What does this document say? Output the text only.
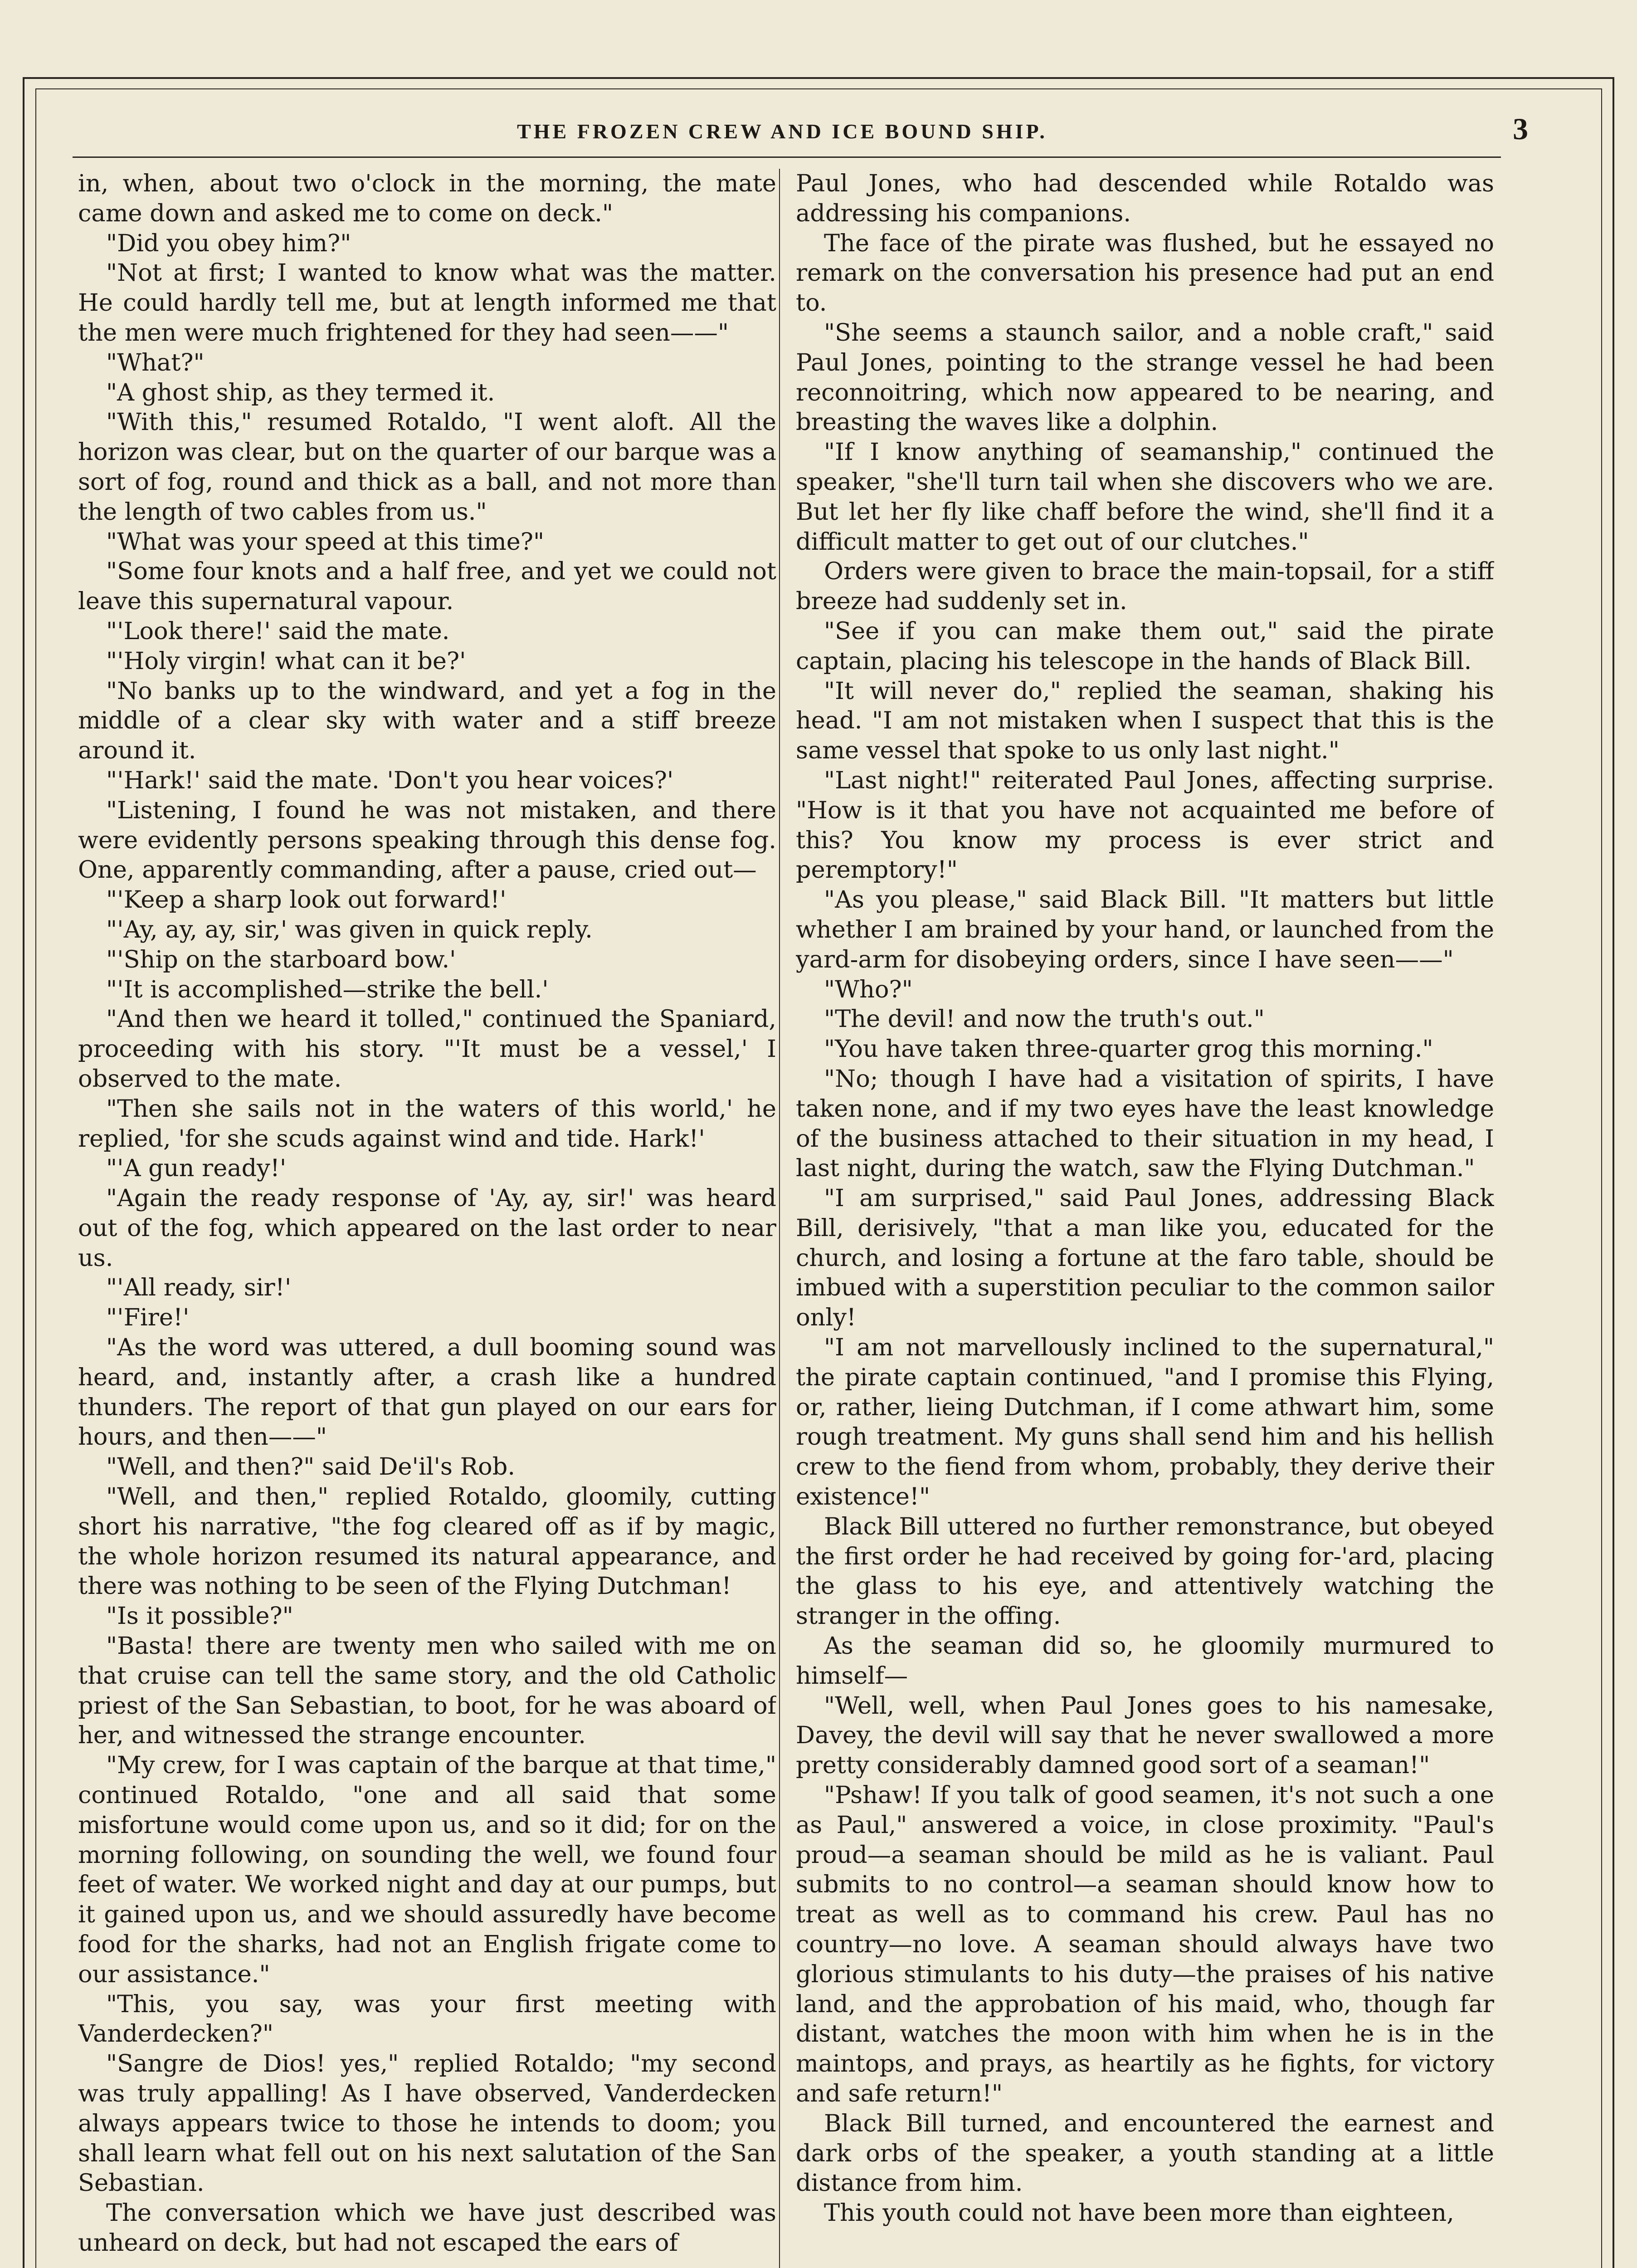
THE FROZEN CREW AND ICE BOUND SHIP.	3

in, when, about two o'clock in the morning, the mate came down and asked me to come on deck."

"Did you obey him?"

"Not at first; I wanted to know what was the matter. He could hardly tell me, but at length informed me that the men were much frightened for they had seen——"

"What?"

"A ghost ship, as they termed it.

"With this," resumed Rotaldo, "I went aloft. All the horizon was clear, but on the quarter of our barque was a sort of fog, round and thick as a ball, and not more than the length of two cables from us."

"What was your speed at this time?"

"Some four knots and a half free, and yet we could not leave this supernatural vapour.

"'Look there!' said the mate.

"'Holy virgin! what can it be?'

"No banks up to the windward, and yet a fog in the middle of a clear sky with water and a stiff breeze around it.

"'Hark!' said the mate. 'Don't you hear voices?'

"Listening, I found he was not mistaken, and there were evidently persons speaking through this dense fog. One, apparently commanding, after a pause, cried out—

"'Keep a sharp look out forward!'

"'Ay, ay, ay, sir,' was given in quick reply.

"'Ship on the starboard bow.'

"'It is accomplished—strike the bell.'

"And then we heard it tolled," continued the Spaniard, proceeding with his story. "'It must be a vessel,' I observed to the mate.

"Then she sails not in the waters of this world,' he replied, 'for she scuds against wind and tide. Hark!'

"'A gun ready!'

"Again the ready response of 'Ay, ay, sir!' was heard out of the fog, which appeared on the last order to near us.

"'All ready, sir!'

"'Fire!'

"As the word was uttered, a dull booming sound was heard, and, instantly after, a crash like a hundred thunders. The report of that gun played on our ears for hours, and then——"

"Well, and then?" said De'il's Rob.

"Well, and then," replied Rotaldo, gloomily, cutting short his narrative, "the fog cleared off as if by magic, the whole horizon resumed its natural appearance, and there was nothing to be seen of the Flying Dutchman!

"Is it possible?"

"Basta! there are twenty men who sailed with me on that cruise can tell the same story, and the old Catholic priest of the San Sebastian, to boot, for he was aboard of her, and witnessed the strange encounter.

"My crew, for I was captain of the barque at that time," continued Rotaldo, "one and all said that some misfortune would come upon us, and so it did; for on the morning following, on sounding the well, we found four feet of water. We worked night and day at our pumps, but it gained upon us, and we should assuredly have become food for the sharks, had not an English frigate come to our assistance."

"This, you say, was your first meeting with Vanderdecken?"

"Sangre de Dios! yes," replied Rotaldo; "my second was truly appalling! As I have observed, Vanderdecken always appears twice to those he intends to doom; you shall learn what fell out on his next salutation of the San Sebastian.

The conversation which we have just described was unheard on deck, but had not escaped the ears of

Paul Jones, who had descended while Rotaldo was addressing his companions.

The face of the pirate was flushed, but he essayed no remark on the conversation his presence had put an end to.

"She seems a staunch sailor, and a noble craft," said Paul Jones, pointing to the strange vessel he had been reconnoitring, which now appeared to be nearing, and breasting the waves like a dolphin.

"If I know anything of seamanship," continued the speaker, "she'll turn tail when she discovers who we are. But let her fly like chaff before the wind, she'll find it a difficult matter to get out of our clutches."

Orders were given to brace the main-topsail, for a stiff breeze had suddenly set in.

"See if you can make them out," said the pirate captain, placing his telescope in the hands of Black Bill.

"It will never do," replied the seaman, shaking his head. "I am not mistaken when I suspect that this is the same vessel that spoke to us only last night."

"Last night!" reiterated Paul Jones, affecting surprise. "How is it that you have not acquainted me before of this? You know my process is ever strict and peremptory!"

"As you please," said Black Bill. "It matters but little whether I am brained by your hand, or launched from the yard-arm for disobeying orders, since I have seen——"

"Who?"

"The devil! and now the truth's out."

"You have taken three-quarter grog this morning."

"No; though I have had a visitation of spirits, I have taken none, and if my two eyes have the least knowledge of the business attached to their situation in my head, I last night, during the watch, saw the Flying Dutchman."

"I am surprised," said Paul Jones, addressing Black Bill, derisively, "that a man like you, educated for the church, and losing a fortune at the faro table, should be imbued with a superstition peculiar to the common sailor only!

"I am not marvellously inclined to the supernatural," the pirate captain continued, "and I promise this Flying, or, rather, lieing Dutchman, if I come athwart him, some rough treatment. My guns shall send him and his hellish crew to the fiend from whom, probably, they derive their existence!"

Black Bill uttered no further remonstrance, but obeyed the first order he had received by going for-'ard, placing the glass to his eye, and attentively watching the stranger in the offing.

As the seaman did so, he gloomily murmured to himself—

"Well, well, when Paul Jones goes to his namesake, Davey, the devil will say that he never swallowed a more pretty considerably damned good sort of a seaman!"

"Pshaw! If you talk of good seamen, it's not such a one as Paul," answered a voice, in close proximity. "Paul's proud—a seaman should be mild as he is valiant. Paul submits to no control—a seaman should know how to treat as well as to command his crew. Paul has no country—no love. A seaman should always have two glorious stimulants to his duty—the praises of his native land, and the approbation of his maid, who, though far distant, watches the moon with him when he is in the maintops, and prays, as heartily as he fights, for victory and safe return!"

Black Bill turned, and encountered the earnest and dark orbs of the speaker, a youth standing at a little distance from him.

This youth could not have been more than eighteen,
